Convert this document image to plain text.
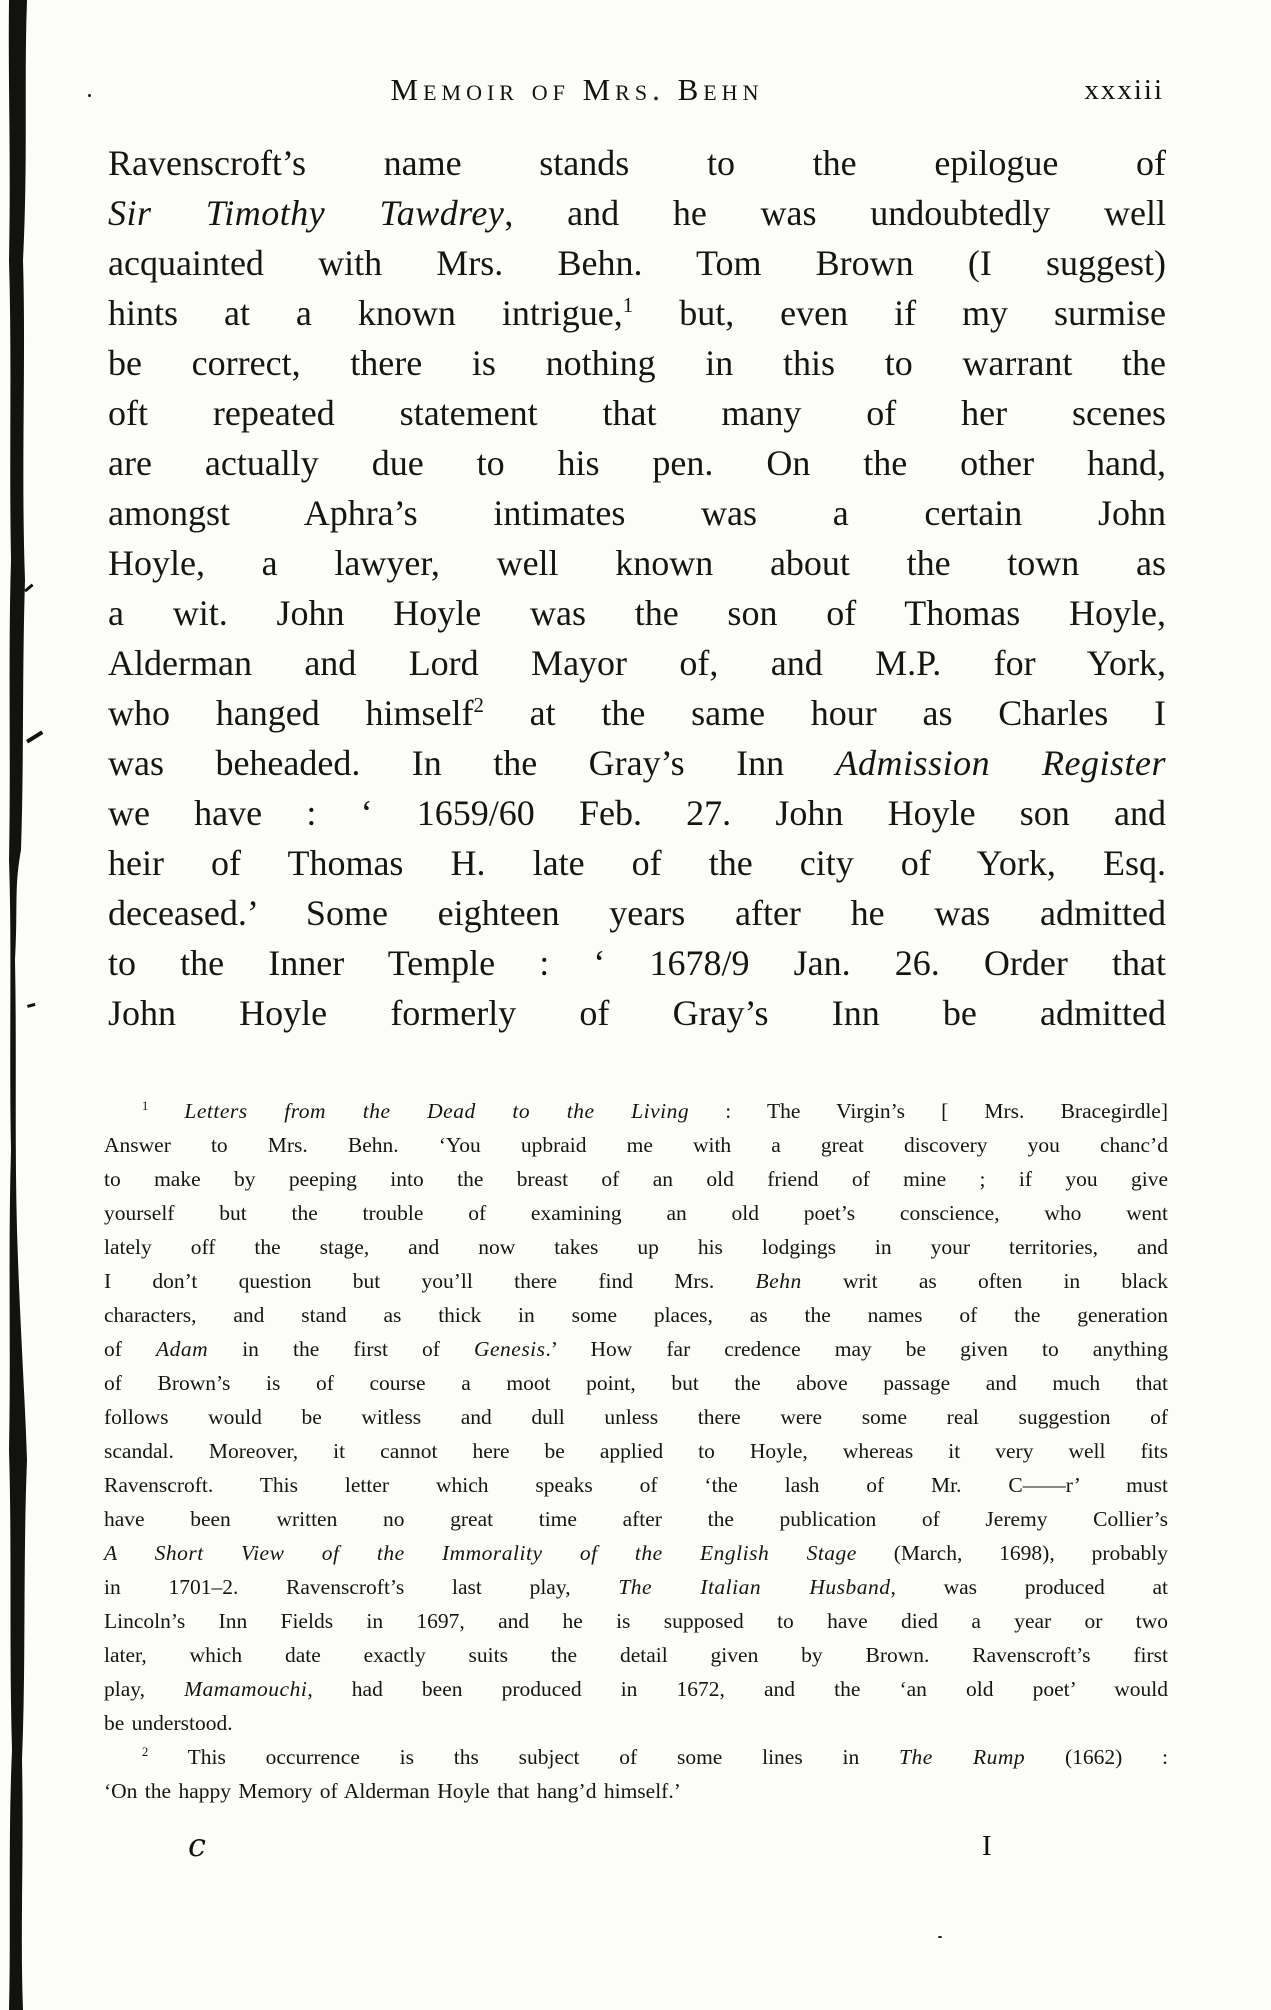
Memoir of Mrs. Behn	xxxiii
Ravenscroft’s name stands to the epilogue of
Sir Timothy Tawdrey, and he was undoubtedly well
acquainted with Mrs. Behn. Tom Brown (I suggest)
hints at a known intrigue,$^1$ but, even if my surmise
be correct, there is nothing in this to warrant the
oft repeated statement that many of her scenes
are actually due to his pen. On the other hand,
amongst Aphra’s intimates was a certain John
Hoyle, a lawyer, well known about the town as
a wit. John Hoyle was the son of Thomas Hoyle,
Alderman and Lord Mayor of, and M.P. for York,
who hanged himself$^2$ at the same hour as Charles I
was beheaded. In the Gray’s Inn Admission Register
we have : ‘ 1659/60 Feb. 27. John Hoyle son and
heir of Thomas H. late of the city of York, Esq.
deceased.’ Some eighteen years after he was admitted
to the Inner Temple : ‘ 1678/9 Jan. 26. Order that
John Hoyle formerly of Gray’s Inn be admitted
$^1$ Letters from the Dead to the Living : The Virgin’s [ Mrs. Bracegirdle]
Answer to Mrs. Behn. ‘You upbraid me with a great discovery you chanc’d
to make by peeping into the breast of an old friend of mine ; if you give
yourself but the trouble of examining an old poet’s conscience, who went
lately off the stage, and now takes up his lodgings in your territories, and
I don’t question but you’ll there find Mrs. Behn writ as often in black
characters, and stand as thick in some places, as the names of the generation
of Adam in the first of Genesis.’ How far credence may be given to anything
of Brown’s is of course a moot point, but the above passage and much that
follows would be witless and dull unless there were some real suggestion of
scandal. Moreover, it cannot here be applied to Hoyle, whereas it very well fits
Ravenscroft. This letter which speaks of ‘the lash of Mr. C——r’ must
have been written no great time after the publication of Jeremy Collier’s
A Short View of the Immorality of the English Stage (March, 1698), probably
in 1701–2. Ravenscroft’s last play, The Italian Husband, was produced at
Lincoln’s Inn Fields in 1697, and he is supposed to have died a year or two
later, which date exactly suits the detail given by Brown. Ravenscroft’s first
play, Mamamouchi, had been produced in 1672, and the ‘an old poet’ would
be understood.
$^2$ This occurrence is ths subject of some lines in The Rump (1662) :
‘On the happy Memory of Alderman Hoyle that hang’d himself.’
c	I
